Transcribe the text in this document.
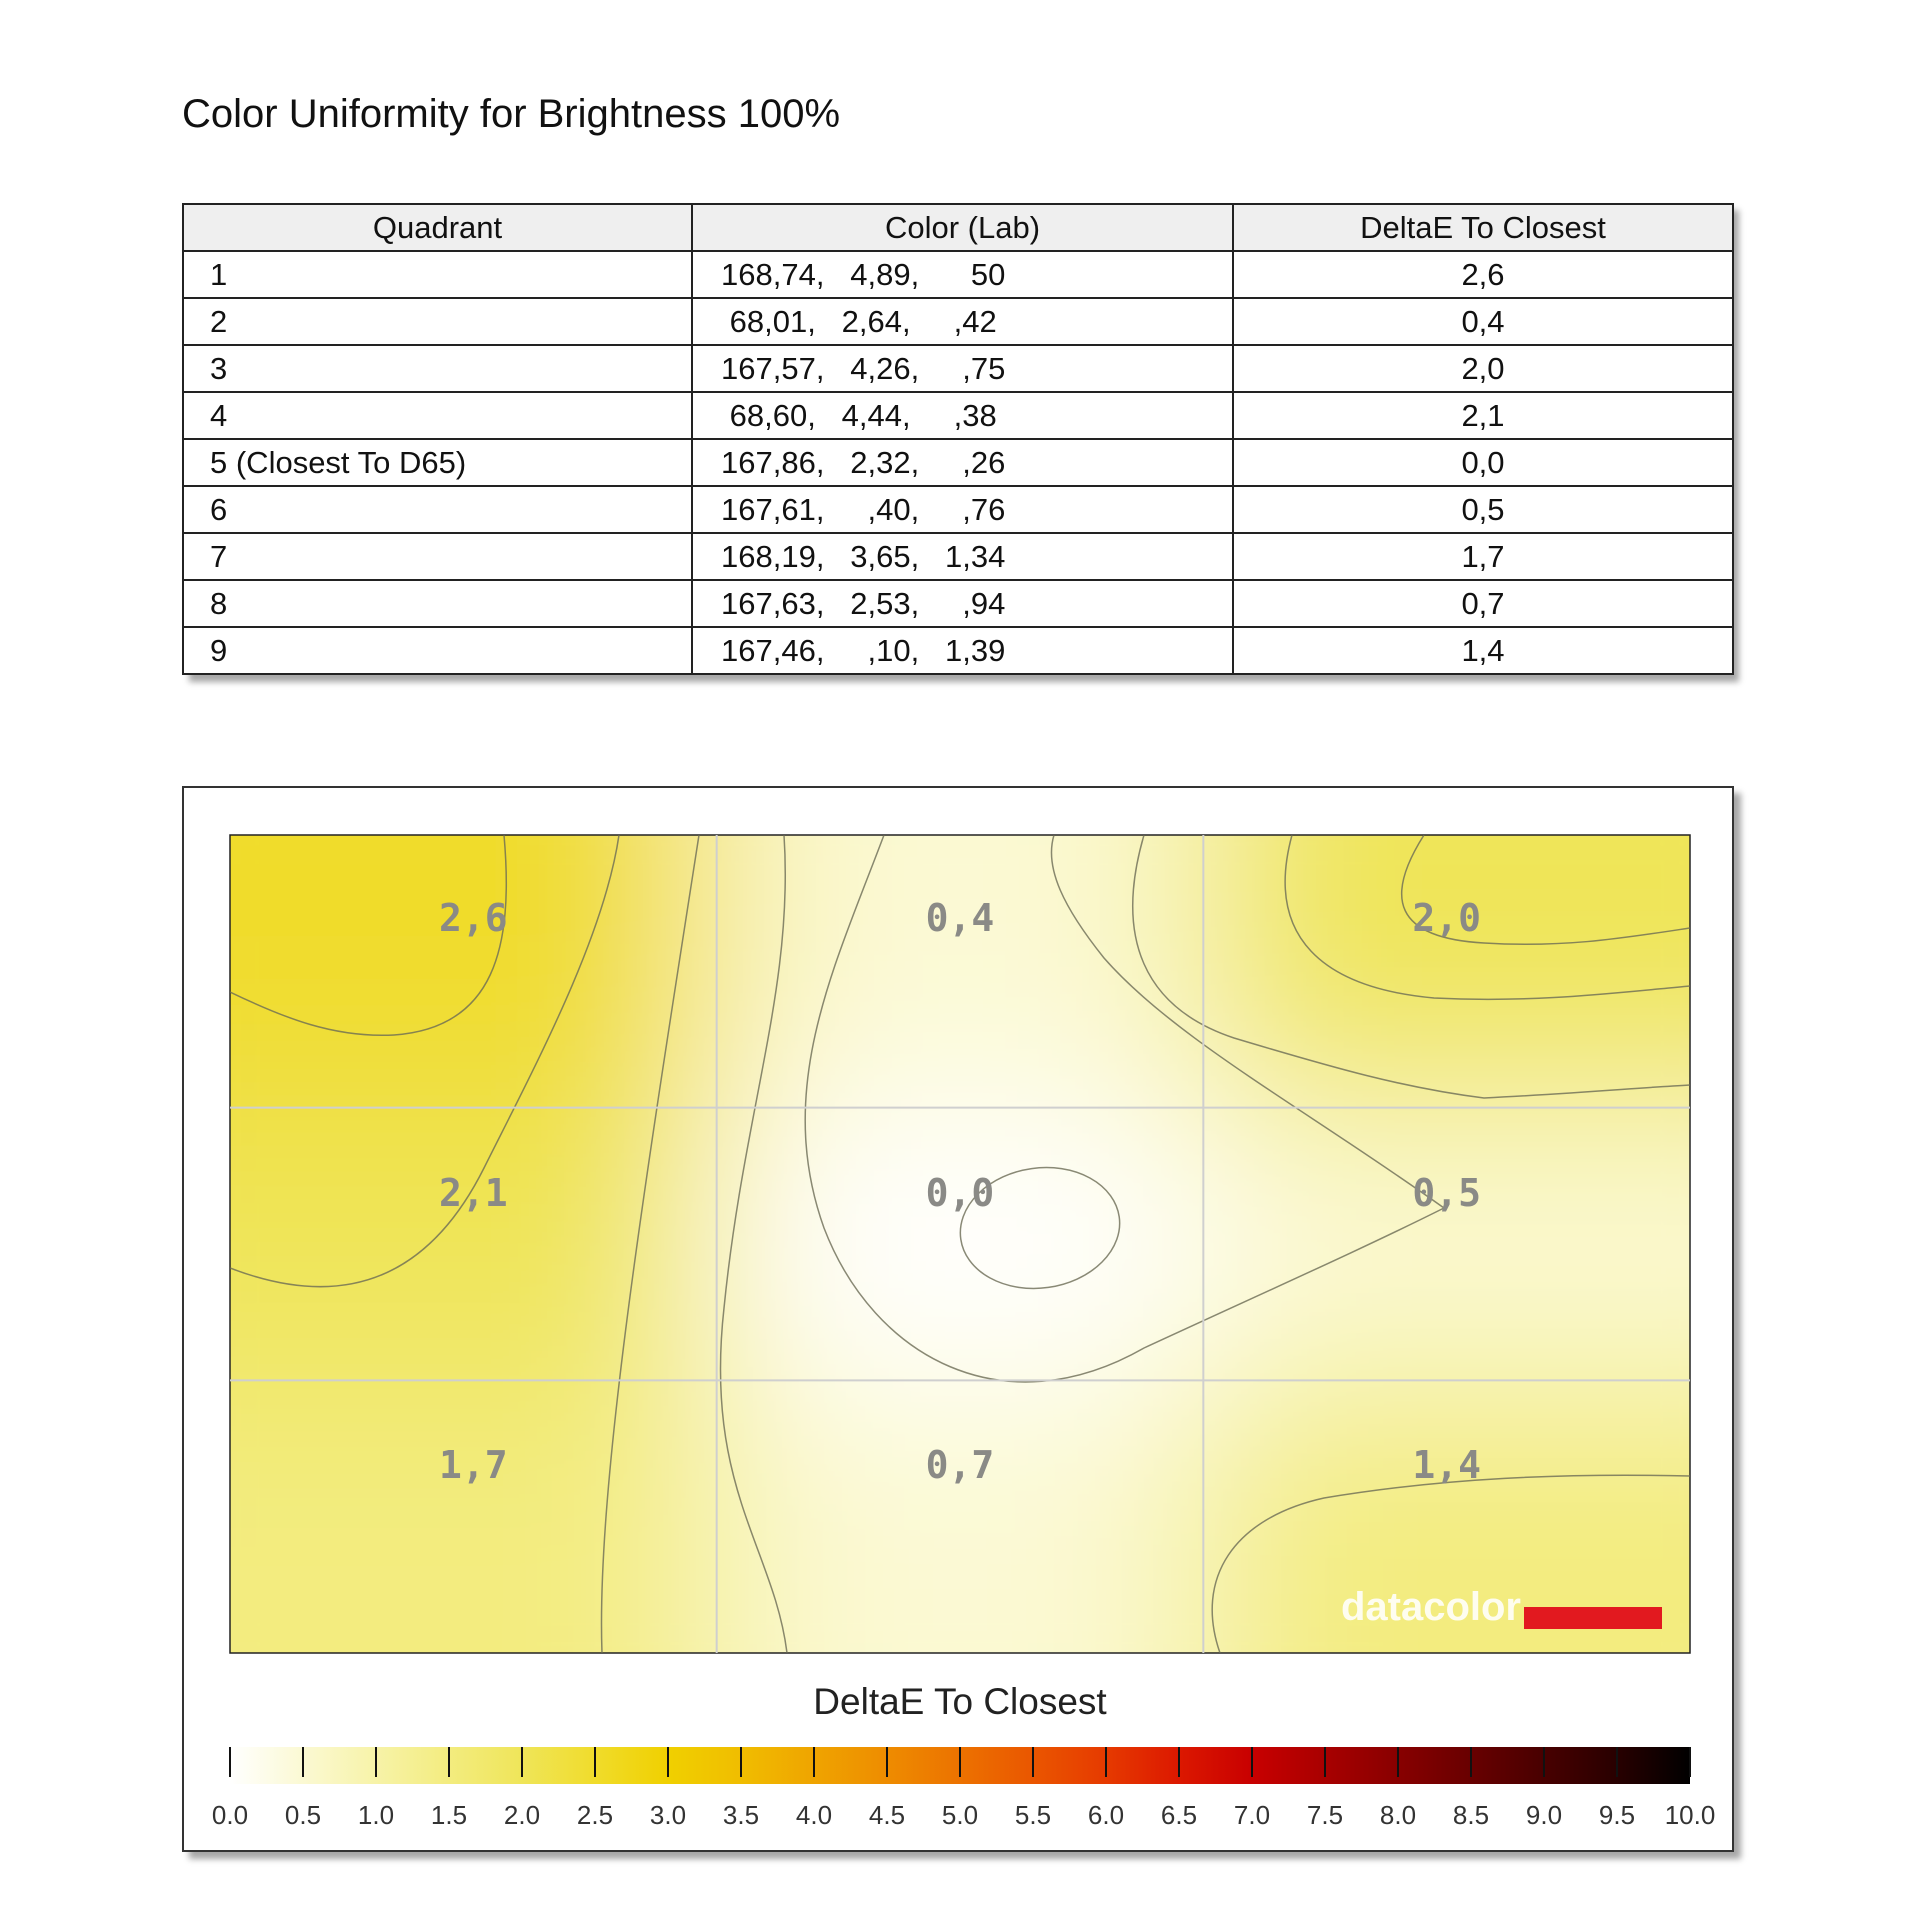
Color Uniformity for Brightness 100%
Quadrant	Color (Lab)	DeltaE To Closest
1	168,74,   4,89,      50	2,6
2	68,01,   2,64,     ,42	0,4
3	167,57,   4,26,     ,75	2,0
4	68,60,   4,44,     ,38	2,1
5 (Closest To D65)	167,86,   2,32,     ,26	0,0
6	167,61,     ,40,     ,76	0,5
7	168,19,   3,65,   1,34	1,7
8	167,63,   2,53,     ,94	0,7
9	167,46,     ,10,   1,39	1,4
2,6	0,4	2,0
2,1	0,0	0,5
1,7	0,7	1,4
datacolor
DeltaE To Closest
0.0 0.5 1.0 1.5 2.0 2.5 3.0 3.5 4.0 4.5 5.0 5.5 6.0 6.5 7.0 7.5 8.0 8.5 9.0 9.5 10.0
